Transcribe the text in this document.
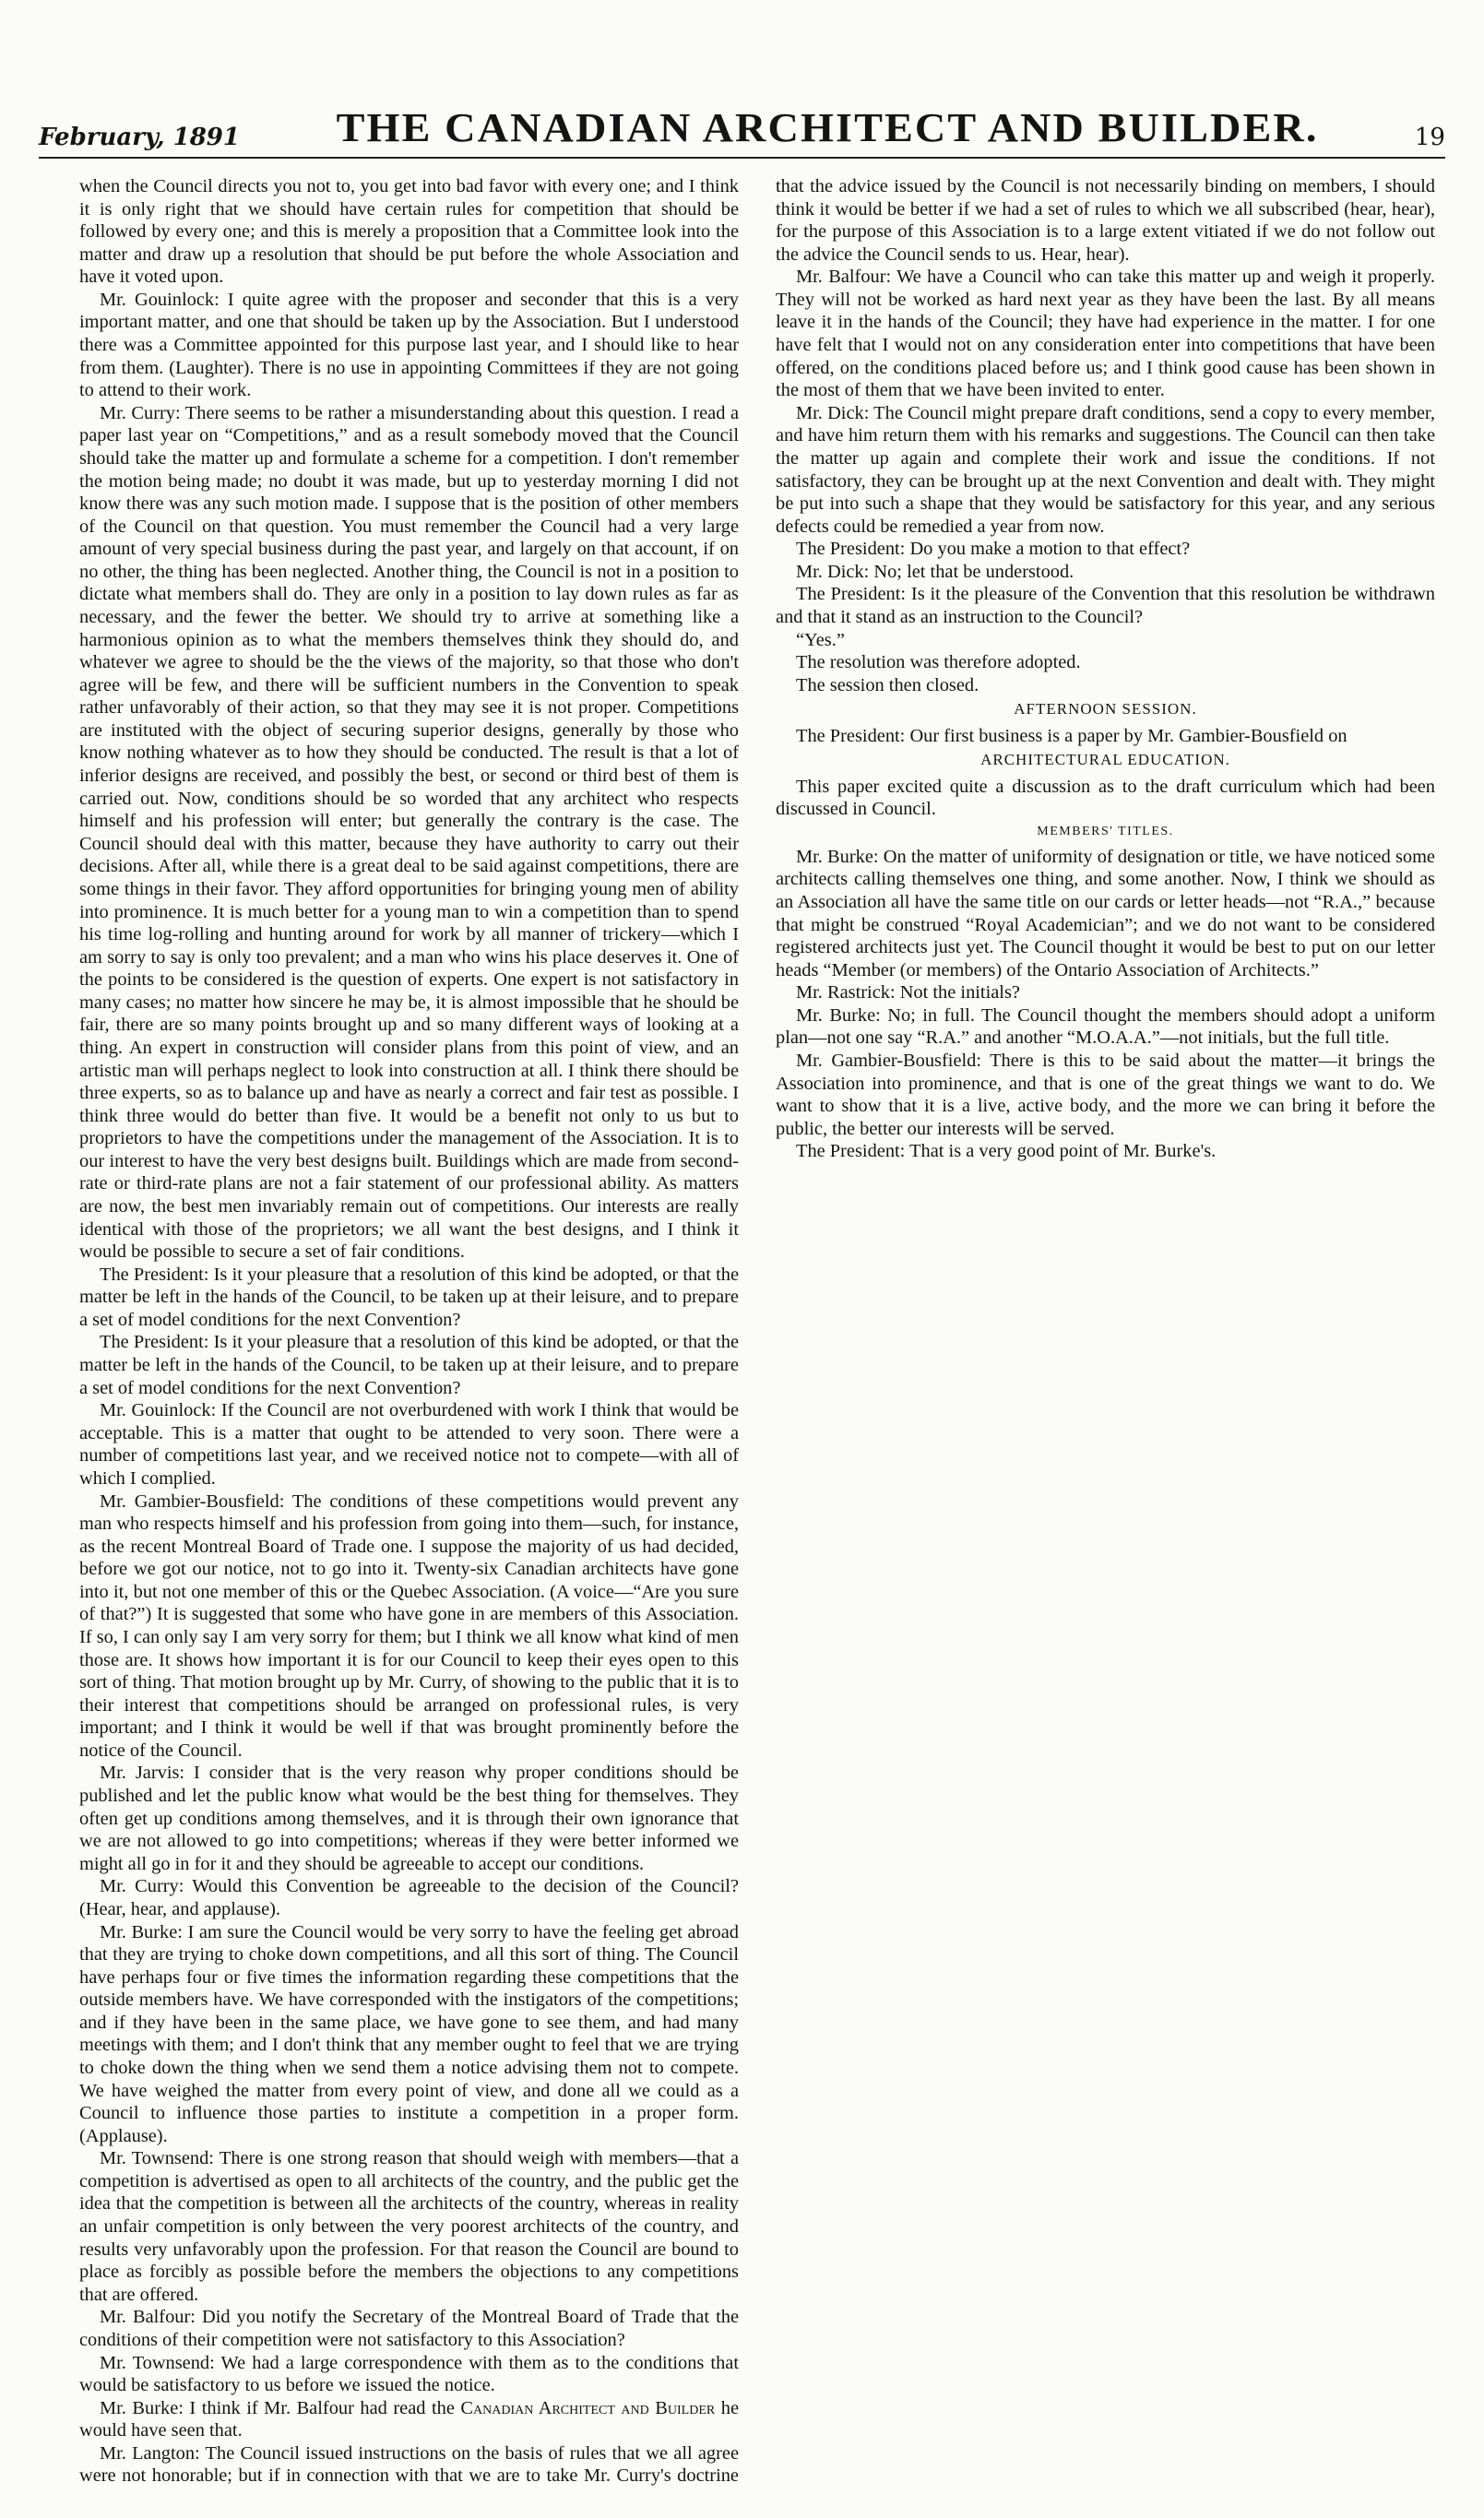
February, 1891 THE CANADIAN ARCHITECT AND BUILDER.	19

when the Council directs you not to, you get into bad favor with every one; and I think it is only right that we should have certain rules for competition that should be followed by every one; and this is merely a proposition that a Committee look into the matter and draw up a resolution that should be put before the whole Association and have it voted upon.

Mr. Gouinlock: I quite agree with the proposer and seconder that this is a very important matter, and one that should be taken up by the Association. But I understood there was a Committee appointed for this purpose last year, and I should like to hear from them. (Laughter). There is no use in appointing Committees if they are not going to attend to their work.

Mr. Curry: There seems to be rather a misunderstanding about this question. I read a paper last year on “Competitions,” and as a result somebody moved that the Council should take the matter up and formulate a scheme for a competition. I don't remember the motion being made; no doubt it was made, but up to yesterday morning I did not know there was any such motion made. I suppose that is the position of other members of the Council on that question. You must remember the Council had a very large amount of very special business during the past year, and largely on that account, if on no other, the thing has been neglected. Another thing, the Council is not in a position to dictate what members shall do. They are only in a position to lay down rules as far as necessary, and the fewer the better. We should try to arrive at something like a harmonious opinion as to what the members themselves think they should do, and whatever we agree to should be the the views of the majority, so that those who don't agree will be few, and there will be sufficient numbers in the Convention to speak rather unfavorably of their action, so that they may see it is not proper. Competitions are instituted with the object of securing superior designs, generally by those who know nothing whatever as to how they should be conducted. The result is that a lot of inferior designs are received, and possibly the best, or second or third best of them is carried out. Now, conditions should be so worded that any architect who respects himself and his profession will enter; but generally the contrary is the case. The Council should deal with this matter, because they have authority to carry out their decisions. After all, while there is a great deal to be said against competitions, there are some things in their favor. They afford opportunities for bringing young men of ability into prominence. It is much better for a young man to win a competition than to spend his time log-rolling and hunting around for work by all manner of trickery—which I am sorry to say is only too prevalent; and a man who wins his place deserves it. One of the points to be considered is the question of experts. One expert is not satisfactory in many cases; no matter how sincere he may be, it is almost impossible that he should be fair, there are so many points brought up and so many different ways of looking at a thing. An expert in construction will consider plans from this point of view, and an artistic man will perhaps neglect to look into construction at all. I think there should be three experts, so as to balance up and have as nearly a correct and fair test as possible. I think three would do better than five. It would be a benefit not only to us but to proprietors to have the competitions under the management of the Association. It is to our interest to have the very best designs built. Buildings which are made from second-rate or third-rate plans are not a fair statement of our professional ability. As matters are now, the best men invariably remain out of competitions. Our interests are really identical with those of the proprietors; we all want the best designs, and I think it would be possible to secure a set of fair conditions.

The President: Is it your pleasure that a resolution of this kind be adopted, or that the matter be left in the hands of the Council, to be taken up at their leisure, and to prepare a set of model conditions for the next Convention?

The President: Is it your pleasure that a resolution of this kind be adopted, or that the matter be left in the hands of the Council, to be taken up at their leisure, and to prepare a set of model conditions for the next Convention?

Mr. Gouinlock: If the Council are not overburdened with work I think that would be acceptable. This is a matter that ought to be attended to very soon. There were a number of competitions last year, and we received notice not to compete—with all of which I complied.

Mr. Gambier-Bousfield: The conditions of these competitions would prevent any man who respects himself and his profession from going into them—such, for instance, as the recent Montreal Board of Trade one. I suppose the majority of us had decided, before we got our notice, not to go into it. Twenty-six Canadian architects have gone into it, but not one member of this or the Quebec Association. (A voice—“Are you sure of that?”) It is suggested that some who have gone in are members of this Association. If so, I can only say I am very sorry for them; but I think we all know what kind of men those are. It shows how important it is for our Council to keep their eyes open to this sort of thing. That motion brought up by Mr. Curry, of showing to the public that it is to their interest that competitions should be arranged on professional rules, is very important; and I think it would be well if that was brought prominently before the notice of the Council.

Mr. Jarvis: I consider that is the very reason why proper conditions should be published and let the public know what would be the best thing for themselves. They often get up conditions among themselves, and it is through their own ignorance that we are not allowed to go into competitions; whereas if they were better informed we might all go in for it and they should be agreeable to accept our conditions.

Mr. Curry: Would this Convention be agreeable to the decision of the Council? (Hear, hear, and applause).

Mr. Burke: I am sure the Council would be very sorry to have the feeling get abroad that they are trying to choke down competitions, and all this sort of thing. The Council have perhaps four or five times the information regarding these competitions that the outside members have. We have corresponded with the instigators of the competitions; and if they have been in the same place, we have gone to see them, and had many meetings with them; and I don't think that any member ought to feel that we are trying to choke down the thing when we send them a notice advising them not to compete. We have weighed the matter from every point of view, and done all we could as a Council to influence those parties to institute a competition in a proper form. (Applause).

Mr. Townsend: There is one strong reason that should weigh with members—that a competition is advertised as open to all architects of the country, and the public get the idea that the competition is between all the architects of the country, whereas in reality an unfair competition is only between the very poorest architects of the country, and results very unfavorably upon the profession. For that reason the Council are bound to place as forcibly as possible before the members the objections to any competitions that are offered.

Mr. Balfour: Did you notify the Secretary of the Montreal Board of Trade that the conditions of their competition were not satisfactory to this Association?

Mr. Townsend: We had a large correspondence with them as to the conditions that would be satisfactory to us before we issued the notice.

Mr. Burke: I think if Mr. Balfour had read the Canadian Architect and Builder he would have seen that.

Mr. Langton: The Council issued instructions on the basis of rules that we all agree were not honorable; but if in connection with that we are to take Mr. Curry's doctrine that the advice issued by the Council is not necessarily binding on members, I should think it would be better if we had a set of rules to which we all subscribed (hear, hear), for the purpose of this Association is to a large extent vitiated if we do not follow out the advice the Council sends to us. Hear, hear).

Mr. Balfour: We have a Council who can take this matter up and weigh it properly. They will not be worked as hard next year as they have been the last. By all means leave it in the hands of the Council; they have had experience in the matter. I for one have felt that I would not on any consideration enter into competitions that have been offered, on the conditions placed before us; and I think good cause has been shown in the most of them that we have been invited to enter.

Mr. Dick: The Council might prepare draft conditions, send a copy to every member, and have him return them with his remarks and suggestions. The Council can then take the matter up again and complete their work and issue the conditions. If not satisfactory, they can be brought up at the next Convention and dealt with. They might be put into such a shape that they would be satisfactory for this year, and any serious defects could be remedied a year from now.

The President: Do you make a motion to that effect?

Mr. Dick: No; let that be understood.

The President: Is it the pleasure of the Convention that this resolution be withdrawn and that it stand as an instruction to the Council?

“Yes.”

The resolution was therefore adopted.

The session then closed.

AFTERNOON SESSION.

The President: Our first business is a paper by Mr. Gambier-Bousfield on

ARCHITECTURAL EDUCATION.

This paper excited quite a discussion as to the draft curriculum which had been discussed in Council.

MEMBERS' TITLES.

Mr. Burke: On the matter of uniformity of designation or title, we have noticed some architects calling themselves one thing, and some another. Now, I think we should as an Association all have the same title on our cards or letter heads—not “R.A.,” because that might be construed “Royal Academician”; and we do not want to be considered registered architects just yet. The Council thought it would be best to put on our letter heads “Member (or members) of the Ontario Association of Architects.”

Mr. Rastrick: Not the initials?

Mr. Burke: No; in full. The Council thought the members should adopt a uniform plan—not one say “R.A.” and another “M.O.A.A.”—not initials, but the full title.

Mr. Gambier-Bousfield: There is this to be said about the matter—it brings the Association into prominence, and that is one of the great things we want to do. We want to show that it is a live, active body, and the more we can bring it before the public, the better our interests will be served.

The President: That is a very good point of Mr. Burke's.
